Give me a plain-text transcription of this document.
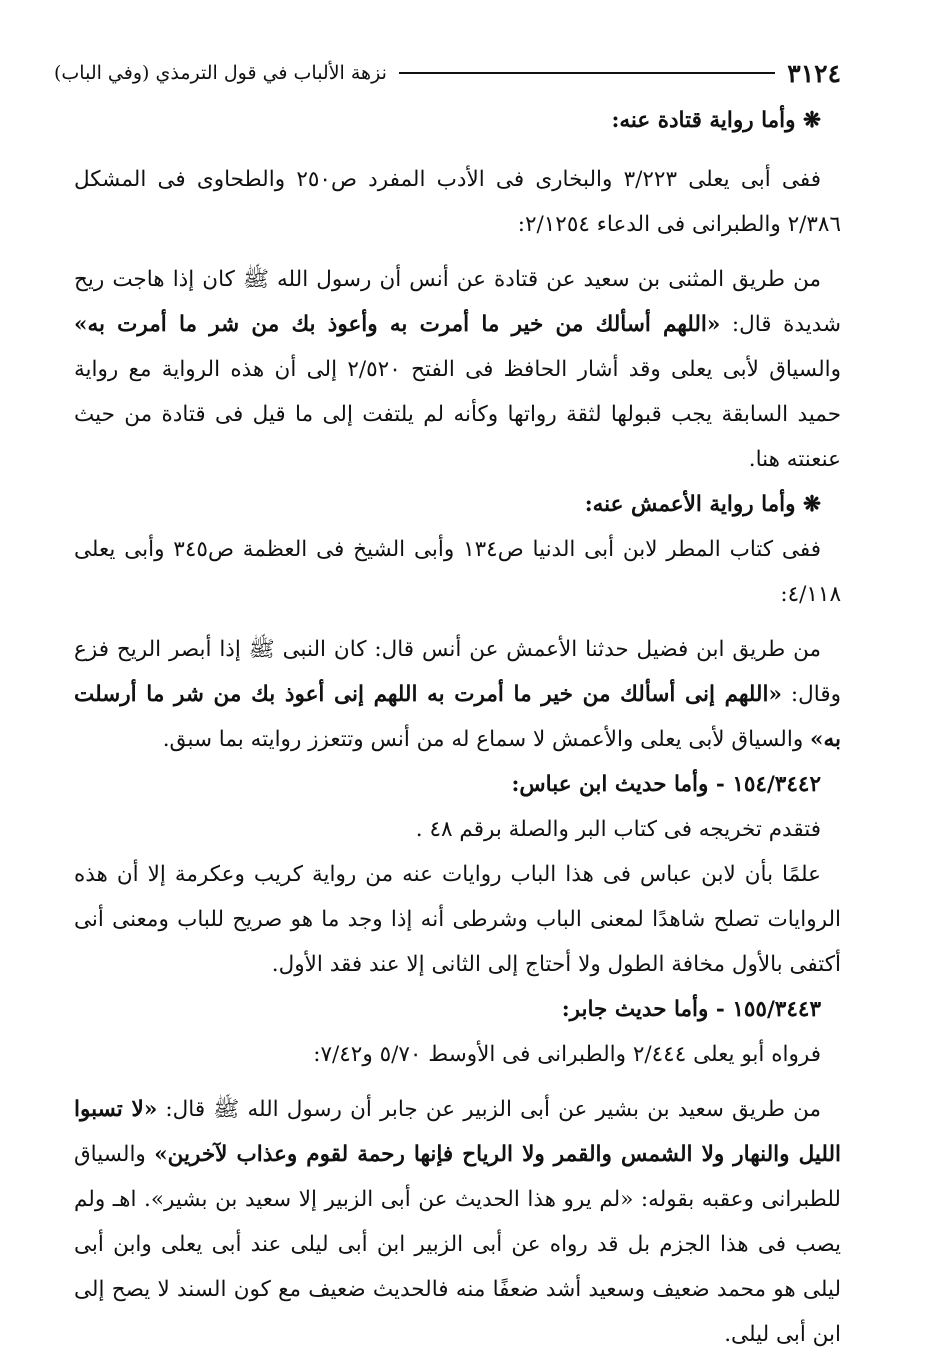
٣١٢٤
نزهة الألباب في قول الترمذي (وفي الباب)

❋ وأما رواية قتادة عنه:

ففى أبى يعلى ٣/٢٢٣ والبخارى فى الأدب المفرد ص٢٥٠ والطحاوى فى المشكل ٢/٣٨٦ والطبرانى فى الدعاء ٢/١٢٥٤:

من طريق المثنى بن سعيد عن قتادة عن أنس أن رسول الله ﷺ كان إذا هاجت ريح شديدة قال: «اللهم أسألك من خير ما أمرت به وأعوذ بك من شر ما أمرت به» والسياق لأبى يعلى وقد أشار الحافظ فى الفتح ٢/٥٢٠ إلى أن هذه الرواية مع رواية حميد السابقة يجب قبولها لثقة رواتها وكأنه لم يلتفت إلى ما قيل فى قتادة من حيث عنعنته هنا.

❋ وأما رواية الأعمش عنه:

ففى كتاب المطر لابن أبى الدنيا ص١٣٤ وأبى الشيخ فى العظمة ص٣٤٥ وأبى يعلى ٤/١١٨:

من طريق ابن فضيل حدثنا الأعمش عن أنس قال: كان النبى ﷺ إذا أبصر الريح فزع وقال: «اللهم إنى أسألك من خير ما أمرت به اللهم إنى أعوذ بك من شر ما أرسلت به» والسياق لأبى يعلى والأعمش لا سماع له من أنس وتتعزز روايته بما سبق.

١٥٤/٣٤٤٢ - وأما حديث ابن عباس:

فتقدم تخريجه فى كتاب البر والصلة برقم ٤٨ .

علمًا بأن لابن عباس فى هذا الباب روايات عنه من رواية كريب وعكرمة إلا أن هذه الروايات تصلح شاهدًا لمعنى الباب وشرطى أنه إذا وجد ما هو صريح للباب ومعنى أنى أكتفى بالأول مخافة الطول ولا أحتاج إلى الثانى إلا عند فقد الأول.

١٥٥/٣٤٤٣ - وأما حديث جابر:

فرواه أبو يعلى ٢/٤٤٤ والطبرانى فى الأوسط ٥/٧٠ و٧/٤٢:

من طريق سعيد بن بشير عن أبى الزبير عن جابر أن رسول الله ﷺ قال: «لا تسبوا الليل والنهار ولا الشمس والقمر ولا الرياح فإنها رحمة لقوم وعذاب لآخرين» والسياق للطبرانى وعقبه بقوله: «لم يرو هذا الحديث عن أبى الزبير إلا سعيد بن بشير». اهـ ولم يصب فى هذا الجزم بل قد رواه عن أبى الزبير ابن أبى ليلى عند أبى يعلى وابن أبى ليلى هو محمد ضعيف وسعيد أشد ضعفًا منه فالحديث ضعيف مع كون السند لا يصح إلى ابن أبى ليلى.
